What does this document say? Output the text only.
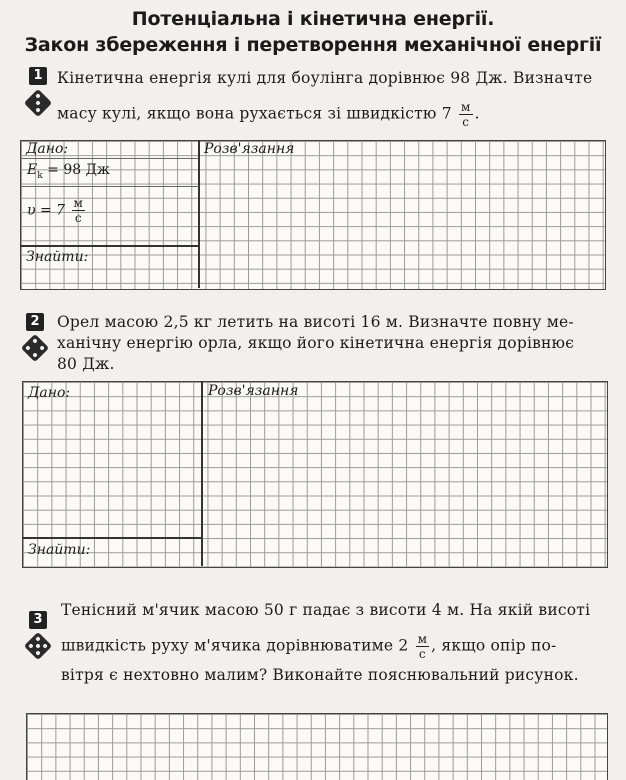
Потенціальна і кінетична енергії.
Закон збереження і перетворення механічної енергії
1 Кінетична енергія кулі для боулінга дорівнює 98 Дж. Визначте
масу кулі, якщо вона рухається зі швидкістю $7 \frac{м}{с}$ .
Дано:	Розв'язання
$E_k = 98$ Дж
$\upsilon = 7 \frac{м}{с}$
Знайти:
2 Орел масою 2,5 кг летить на висоті 16 м. Визначте повну ме-
ханічну енергію орла, якщо його кінетична енергія дорівнює
80 Дж.
Дано:	Розв'язання
Знайти:
3
Тенісний м'ячик масою 50 г падає з висоти 4 м. На якій висоті
швидкість руху м'ячика дорівнюватиме $2 \frac{м}{с}$ , якщо опір по-
вітря є нехтовно малим? Виконайте пояснювальний рисунок.
